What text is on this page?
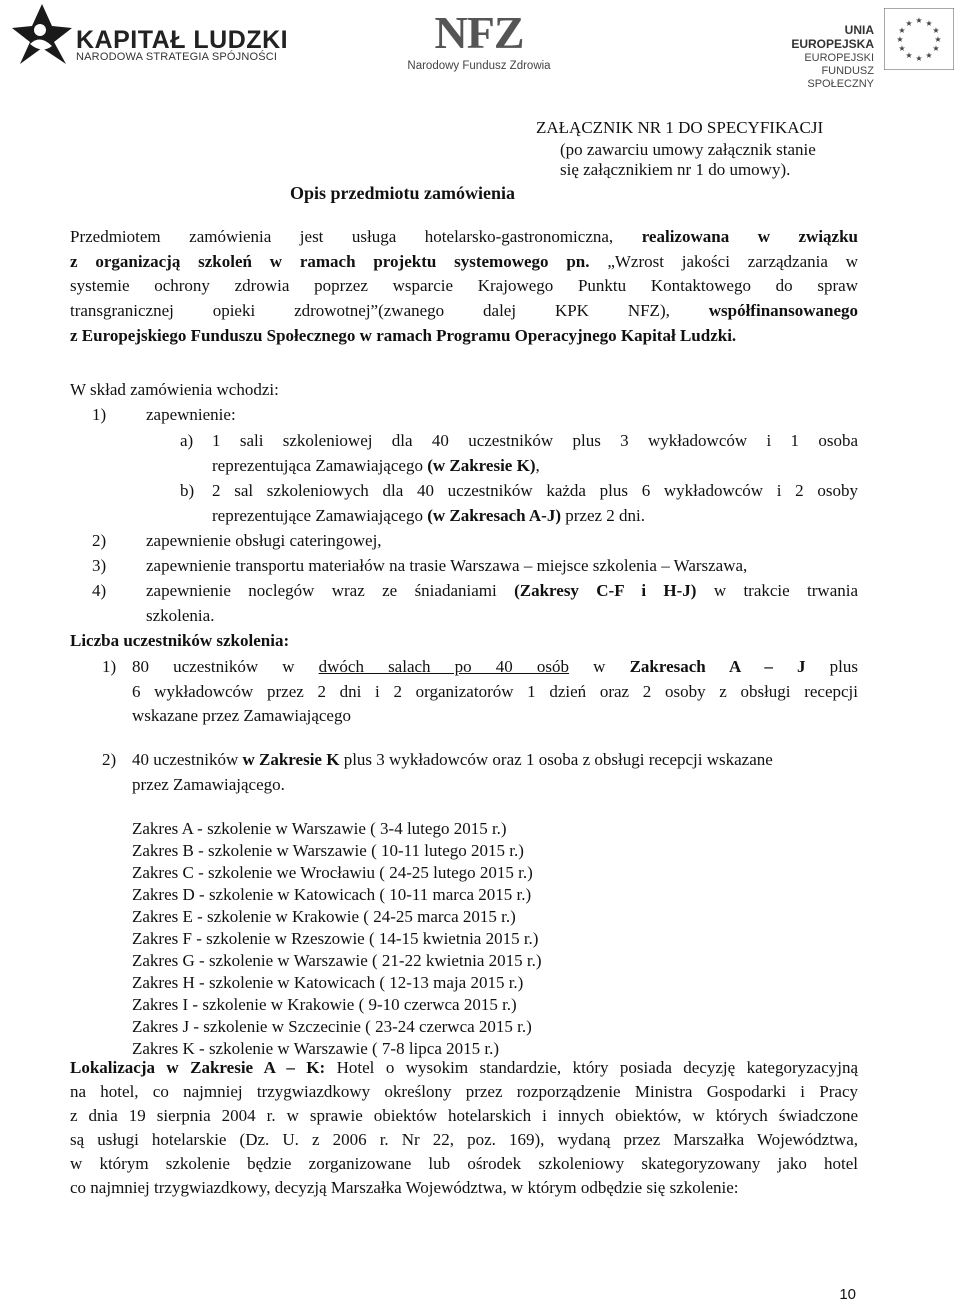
KAPITAŁ LUDZKI
NARODOWA STRATEGIA SPÓJNOŚCI	NFZ
Narodowy Fundusz Zdrowia
UNIA EUROPEJSKA
EUROPEJSKI
FUNDUSZ SPOŁECZNY
★ ★
★
★
★
★
★
★
★
★
★
★
ZAŁĄCZNIK NR 1 DO SPECYFIKACJI
(po zawarciu umowy załącznik stanie
się załącznikiem nr 1 do umowy).
Opis przedmiotu zamówienia
Przedmiotem zamówienia jest usługa hotelarsko-gastronomiczna, realizowana w związku
z organizacją szkoleń w ramach projektu systemowego pn. „Wzrost jakości zarządzania w
systemie ochrony zdrowia poprzez wsparcie Krajowego Punktu Kontaktowego do spraw
transgranicznej opieki zdrowotnej”(zwanego dalej KPK NFZ), współfinansowanego
z Europejskiego Funduszu Społecznego w ramach Programu Operacyjnego Kapitał Ludzki.
W skład zamówienia wchodzi:
1) zapewnienie:
a) 1 sali szkoleniowej dla 40 uczestników plus 3 wykładowców i 1 osoba
reprezentująca Zamawiającego (w Zakresie K),
b) 2 sal szkoleniowych dla 40 uczestników każda plus 6 wykładowców i 2 osoby
reprezentujące Zamawiającego (w Zakresach A-J) przez 2 dni.
2) zapewnienie obsługi cateringowej,
3) zapewnienie transportu materiałów na trasie Warszawa – miejsce szkolenia – Warszawa,
4) zapewnienie noclegów wraz ze śniadaniami (Zakresy C-F i H-J) w trakcie trwania
szkolenia.
Liczba uczestników szkolenia:
1) 80 uczestników w dwóch salach po 40 osób w Zakresach A – J plus
6 wykładowców przez 2 dni i 2 organizatorów 1 dzień oraz 2 osoby z obsługi recepcji
wskazane przez Zamawiającego
2) 40 uczestników w Zakresie K plus 3 wykładowców oraz 1 osoba z obsługi recepcji wskazane
przez Zamawiającego.
Zakres A - szkolenie w Warszawie ( 3-4 lutego 2015 r.)
Zakres B - szkolenie w Warszawie ( 10-11 lutego 2015 r.)
Zakres C - szkolenie we Wrocławiu ( 24-25 lutego 2015 r.)
Zakres D - szkolenie w Katowicach ( 10-11 marca 2015 r.)
Zakres E - szkolenie w Krakowie ( 24-25 marca 2015 r.)
Zakres F - szkolenie w Rzeszowie ( 14-15 kwietnia 2015 r.)
Zakres G - szkolenie w Warszawie ( 21-22 kwietnia 2015 r.)
Zakres H - szkolenie w Katowicach ( 12-13 maja 2015 r.)
Zakres I - szkolenie w Krakowie ( 9-10 czerwca 2015 r.)
Zakres J - szkolenie w Szczecinie ( 23-24 czerwca 2015 r.)
Zakres K - szkolenie w Warszawie ( 7-8 lipca 2015 r.)
Lokalizacja w Zakresie A – K: Hotel o wysokim standardzie, który posiada decyzję kategoryzacyjną
na hotel, co najmniej trzygwiazdkowy określony przez rozporządzenie Ministra Gospodarki i Pracy
z dnia 19 sierpnia 2004 r. w sprawie obiektów hotelarskich i innych obiektów, w których świadczone
są usługi hotelarskie (Dz. U. z 2006 r. Nr 22, poz. 169), wydaną przez Marszałka Województwa,
w którym szkolenie będzie zorganizowane lub ośrodek szkoleniowy skategoryzowany jako hotel
co najmniej trzygwiazdkowy, decyzją Marszałka Województwa, w którym odbędzie się szkolenie:
10
